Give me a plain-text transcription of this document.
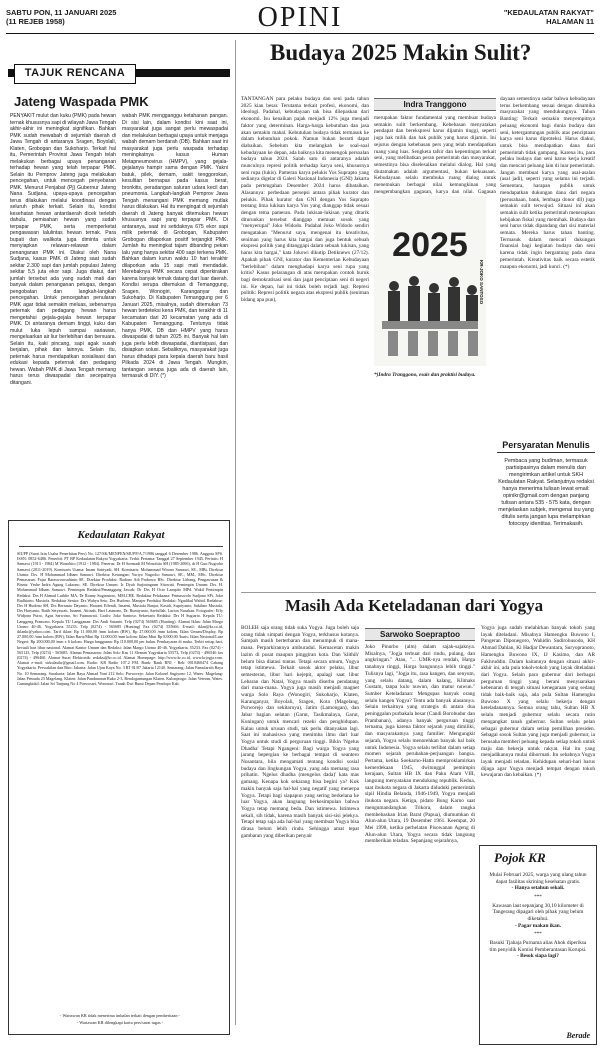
SABTU PON, 11 JANUARI 2025
(11 REJEB 1958)	OPINI	"KEDAULATAN RAKYAT"
HALAMAN 11
TAJUK RENCANA
Jateng Waspada PMK
PENYAKIT mulut dan kuku (PMK) pada hewan ternak khususnya sapi di wilayah Jawa Tengah akhir-akhir ini meningkat signifikan. Bahkan PMK sudah mewabah di sejumlah daerah di Jawa Tengah di antaranya Sragen, Boyolali, Klaten, Grobogan dan Sukoharjo. Terkait hal itu, Pemerintah Provinsi Jawa Tengah telah melakukan berbagai upaya penanganan terhadap hewan yang telah terpapar PMK. Selain itu Pemprov Jateng juga melakukan pencegahan, untuk mencegah penyebaran PMK. Menurut Penjabat (Pj) Gubernur Jateng Nana Sudjana, upaya-upaya pencegahan terus dilakukan melalui koordinasi dengan seluruh pihak terkait. Selain itu, kondisi kesehatan hewan antardaerah dicek terlebih dahulu, pemisahan hewan yang sudah terpapar PMK, serta memperketat pengawasan lalulintas hewan ternak. Para bupati dan walikota juga diminta untuk menyiapkan relawan-relawan dalam penanganan PMK ini. Diakui oleh Nana Sudjana, kasus PMK di Jateng saat sudah sekitar 2.300 sapi dan jumlah populasi Jateng sekitar 5,5 juta ekor sapi. Juga diakui, dari jumlah tersebut ada yang sudah mati dan banyak dalam penanganan petugas, dengan pengobatan dan langkah-langkah pencegahan. Untuk pencegahan penularan PMK agar tidak semakin meluas, sebenarnya peternak dan pedagang hewan harus mengetahui gejala-gejala hewan terpapar PMK. Di antaranya demam tinggi, kuku dan mulut luka lepuh sampai sariawan, mengeluarkan air liur berlebihan dan bersuara. Selain itu, kaki pincang, sapi agak susah berjalan, pihak dan lainnya. Selain itu, peternak harus mendapatkan sosialisasi dan edukasi kepada peternak dan pedagang hewan. Wabah PMK di Jawa Tengah memang harus terus diwaspadai dan secepatnya ditangani.
wabah PMK mengganggu ketahanan pangan. Di sisi lain, dalam kondisi kini saat ini, masyarakat juga sangat perlu mewaspadai dan melakukan berbagai upaya untuk menjaga wabah demam berdarah (DB). Bahkan saat ini masyarakat juga perlu waspada terhadap meningkatnya kasus Human Metapneumovirus (HMPV), yang gejala-gejalanya hampir sama dengan PMK. Yakni batuk, pilek, demam, sakit tenggorokan, kesulitan bernapas pada kasus berat, bronkitis, peradangan saluran udara kecil dan pneumonia. Langkah-langkah Pemprov Jawa Tengah menangani PMK memang mutlak harus dilakukan. Hal itu mengingat di sejumlah daerah di Jateng banyak ditemukan hewan khususnya sapi yang terpapar PMK. Di antaranya, saat ini setidaknya 675 ekor sapi milik peternak di Grobogan, Kabupaten Grobogan dilaporkan positif terjangkit PMK. Jumlah itu meningkat tajam dibanding pekan lalu yang hanya sekitar 400 sapi terkena PMK. Bahkan dalam kurun waktu 10 hari terakhir dilaporkan ada 15 sapi mati mendadak. Merebaknya PMK secara cepat diperkirakan karena banyak ternak datang dari luar daerah. Kondisi serupa ditemukan di Temanggung, Sragen, Wonogiri, Karanganyar dan Sukoharjo. Di Kabupaten Temanggung per 6 Januari 2025, misalnya, sudah ditemukan 73 hewan terdeteksi kena PMK, dan terakhir di 11 kecamatan dari 20 kecamatan yang ada di Kabupaten Temanggung. Tentunya tidak hanya PMK, DB dan HMPV yang harus diwaspadai di tahun 2025 ini. Banyak hal lain juga perlu lebih diwaspadai, diantisipasi, dan disiapkan solusi. Sebaliknya, masyarakat juga harus dihadapi para kepala daerah baru hasil Pilkada 2024 di Jawa Tengah. Mungkin, tantangan serupa juga ada di daerah lain, termasuk di DIY. (*)
Kedaulatan Rakyat
SIUPP (Surat Izin Usaha Penerbitan Pers) No. 127/SK/MENPEN/SIUPP/A.7/1986 tanggal 6 Desember 1986. Anggota SPS. ISSN: 0852-6486. Penerbit: PT BP Kedaulatan Rakyat Yogyakarta. Terbit Pertama: Tanggal 27 September 1945. Perintis: H Samawi (1913 - 1984) M Wonohito (1912 - 1984). Penerus: Dr H Soemadi M Wonohito SH (1985-2006), dr H Gun Nugroho Samawi (2011-2019). Komisaris Utama: Imam Satriyadi, SH. Komisaris: Mohammad Wirono Samawi, SE., MBt. Direktur Utama: Drs. H Mohammad Idham Samawi. Direktur Keuangan: Yuriyo Nugroho Samawi, SE., MM., MSc. Direktur Pemasaran: Fajar Rarasworosuhinin SE. Direktur Produksi: Radono Adi Prabowo BSc. Direktur Litbang, Pengawasan & Bisnis: Yeshe Indra Agung Laksono, SE. Direktur Umum: Ir. Dyah Sarjiningrum Sitowati. Pemimpin Umum: Drs. H. Mohammad Idham Samawi. Pemimpin Redaksi/Penanggung Jawab: Dr Drs H Octo Lampito MPd. Wakil Pemimpin Redaksi: Drs H Ahmad Luthfie MA, Dr Ronny Sugiantoro, MM.CHE. Redaktur Pelaksana: Primaswolo Sudjono SPt, Joko Budhiarto, Mustofa. Redaktur Senior: Drs Wahyu Seto, Drs Hudono. Manajer Produksi Redaksi: Ngadikul Wahid. Redaktur: Drs H Hudono SH, Drs Bernasto Dayanto, Hawani Effendi, Isnaeni, Mustafa Banjar, Kasidi, Supriyanto, Sukihno Mustafa, Drs Haryanto, Ratih Setyawati, Isnaeni, Aitinah, Hari Lasmono, Dr. Rumiyanto, Saefullah, Lurion Nusakan. Fotografer: Effy Widjono Putro, Agus Sarwono, Sri Fatmawati. Grafis: Joko Santoso. Sekretaris Redaksi: Drs H Sugiarto. Kepala TU: Langgeng Pramono. Kepala TU Langganan: Drs Andi Sutanto. Telp (0274) 565685 (Hunting). Alamat Iklan: Jalan Margo Utomo 40-46, Yogyakarta 55233. Telp (0274) - 565685 (Hunting) Fax (0274) 555666. E-mail: iklan@kr.co.id, iklankr@yahoo.com. Tarif iklan: Rp 11.000,00 /mm kolom (BW), Rp 27.000,00 /mm kolom, Iklan Umum/Display, Rp 27.000,00 /mm kolom (BW); Iklan Baris/Mini Rp 12.000,00 /mm kolom; Iklan Mini Rp 8.000,00 /baris; Iklan Nasional/Luar Negeri: Rp 200.000,00 /mm x 6 kolom. Harga langganan: Rp 110.000,00 per bulan. Pembayaran di muka. Terbit setiap hari, kecuali hari libur nasional. Alamat Kantor Umum dan Redaksi: Jalan Margo Utomo 40-46, Yogyakarta, 55233. Fax (0274) - 565125, Telp (0274) - 565685. Alamat Pemasaran: Jalan Solo Km 11 Sleman Yogyakarta 55573, Telp (0274) - 496546 fax (0274) - 496460. Alamat Surat Elektronik: redaksi@kr.co.id. Alamat Homepage: http://www.kr.co.id, www.krjogja.com. Alamat e-mail: sirkulasikr@gmail.com. Radio: KR Radio 107.2 FM. Bank: Bank BNI - Rek: 0010460474 Cabang Yogyakarta. Perwakilan dan Biro: Jakarta: Jalan Ujan Kaya No. 3 RT 01/07 Jakarta 12140. Semarang: Jalan Pamularsih Raya No. 10 Semarang. Surakarta: Jalan Raya Ahmad Yani 212 Solo. Purworejo: Jalan Kolonel Sugiyono 12, Wates. Magelang: Jalan Pemuda 23 Magelang. Klaten: Jalan Pandanaran Ruko 2-3, Bendogantungan Klaten. Kulonprogo: Jalan Veteran, Wates. Gunungkidul: Jalan Sri Tanjung No 4 Purwosari, Wonosari. Tanah Dwi Bumi Depan Pendopo Kab.
- Wartawan KR tidak menerima imbalan terkait dengan pemberitaan -
- Wartawan KR dilengkapi kartu pers/surat tugas -
Budaya 2025 Makin Sulit?
TANTANGAN para pelaku budaya dan seni pada tahun 2025 kian besar. Terutama terkait profesi, ekonomi, dan ideologi. Padahal, kebudayaan tak bisa dilepaskan dari ekonomi. Isu kenaikan pajak menjadi 12% juga menjadi faktor yang determinan. Harga-harga kebutuhan dan jasa akan semakin mahal. Kebutuhan budaya tidak termasuk ke dalam kebutuhan pokok. Namun bukan berarti dapat diabaikan. Sebelum kita melangkah ke soal-soal kebudayaan ke depan, ada baiknya kita menengok persoalan budaya tahun 2024. Salah satu di antaranya adalah munculnya represi politik terhadap karya seni, khususnya seni rupa (lukis). Pameran karya pelukis Yos Suprapto yang sedianya digelar di Galeri Nasional Indonesia (GNI) Jakarta pada pertengahan Desember 2024 harus dibatalkan. Alasannya: perbedaan persepsi antara pihak kurator dan pelukis. Pihak kurator dan GNI dengan Yos Suprapto tentang lima lukisan karya Yos yang dianggap tidak sesuai dengan tema pameran. Pada lukisan-lukisan yang ditarik diturunkan tersebut dianggap memuat sosok yang "menyerupai" Joko Widodo. Padahal Joko Widodo sendiri mengatakan "Menurut saya, mengenai itu kreativitas, seniman yang harus kita hargai dan juga bentuk sebuah ekspresi politik yang ditanggapi dalam sebuah lukisan, yang harus kita hargai," kata Jokowi dikutip Detiknews (27/12). Apakah pihak GNI, kurator dan Kementerian Kebudayaan "berlebihan" dalam menghadapi karya seni rupa yang kritis? Kasus pelarangan di atas merupakan contoh buruk bagi demokratisasi seni dan jagat penciptaan seni di negeri ini. Ke depan, hal ini tidak boleh terjadi lagi. Represi politik: Represi politik negara atas ekspresi publik (seniman bidang apa pun),
Indra Tranggono
merupakan faktor fundamental yang membuat budaya semakin sulit berkembang. Kebebasan menyatakan pendapat dan berekspresi harus dijamin tinggi, seperti juga hak milik dan hak publik yang harus dijamin. Ini sejurus dengan kebebasan pers yang telah mendapatkan ruang yang luas. Sengketa tafsir dan kepentingan terkait seni, yang melibatkan peran pemerintah dan masyarakat, semestinya bisa diselesaikan melalui dialog. Hal yang diutamakan adalah argumentasi, bukan kekuasaan. Kebudayaan selalu membuka ruang dialog untuk menemukan berbagai nilai kemungkinan yang mengembangkan gagasan, karya dan nilai. Gagasan
2025
KR-JOKO SANTOSO
dayaan semestinya sadar bahwa kebudayaan terus berkembang sesuai dengan dinamika masyarakat yang mendukungnya. Tahun Banting: Terkait semakin menyempitnya peluang ekonomi bagi dunia budaya dan seni, ketergantungan publik atas penciptaan karya seni harus diproteksi. Harus diakui, untuk bisa mendapatkan dana dari pemerintah tidak gampang. Karena itu, para pelaku budaya dan seni harus kerja kreatif dan mencari peluang lain di luar pemerintah. Jangan membuat karya yang asal-asalan (asal jadi), seperti yang selama ini terjadi. Sementara, harapan publik untuk mendapatkan dukungan dana dari negara (perusahaan, bank, lembaga donor dll) juga semakin sulit terwujud. Situasi ini akan semakin sulit ketika pemerintah menerapkan kebijakan fiskal yang memihak. Budaya dan seni harus tidak dipandang dari sisi material semata. Mereka harus tahan banting. Termasuk dalam mencari dukungan finansial bagi kegiatan budaya dan seni karena tidak ingin bergantung pada dana pemerintah. Kreativitas baik secara estetik maupun ekonomi, jadi kunci. (*)
*)Indra Tranggono, esais dan praktisi budaya.
Persyaratan Menulis
Pembaca yang budiman, termasuk partisipasinya dalam menulis dan mengirimkan artikel untuk SKH Kedaulatan Rakyat. Selanjutnya redaksi hanya menerima tulisan lewat email: opinikr@gmail.com dengan panjang tulisan antara 535 - 575 kata, dengan menjelaskan subjek, mengenai isu yang ditulis serta jangan lupa melampirkan fotocopy identitas. Terimakasih.
Masih Ada Keteladanan dari Yogya
BOLEH saja orang tidak suka Yogya. Juga boleh saja orang tidak simpati dengan Yogya, terkhusus kotanya. Sampah masih berterbaran dan menumpuk di mana-mana. Perparkirannya amburadul. Kemacetan makin lazim di pusat maupun pinggiran kota. Dan 'klithih' belum bisa diatasi tuntas. Tetapi secara umum, Yogya tetap istimewa. Terkait sosok aktor pelaku, libur semesteran, libur hari kejepit, apalagi saat libur Lebaran dan Natal, Yogya masih diserbu pendatang dari mana-mana. Yogya juga masih menjadi magnet warga Solo Raya (Wonogiri, Sukoharjo, Klaten, Karanganyar, Boyolali, Sragen, Kota (Magelang, Purworejo dan sekitarnya), Jatim (Lamongan), dan Jabar bagian selatan (Garut, Tasikmalaya, Garut, Kuningan) untuk mencari rezeki dan penghidupan. Kalau untuk urusan studi, tak perlu ditanyakan lagi. Saat ini mahasiswa yang menimba ilmu dari luar Yogya untuk studi di perguruan tinggi. Bikin 'Ngelus Dhadha' Tetapi Ngangeni: Bagi warga Yogya yang jarang bepergian ke berbagai tempat di seantero Nusantara, bila mengamati tentang kondisi sosial budaya dan lingkungan Yogya, yang ada memang rasa prihatin. 'Ngelus dhadha (mengelus dada)' kata mas gamang. Kenapa kok sekarang bisa begini ya? Kok makin banyak saja hal-hal yang negatif yang menerpa Yogya. Tetapi bagi siapapun yang sering berkelana ke luar Yogya, akan langsung berkesimpulan bahwa Yogya tetap memang beda. Dan istimewa. Istimewa sekali, sih tidak, karena masih banyak sisi-sisi jelekya. Tetapi tetap saja ada hal-hal yang membuat Yogya bisa dirasa belum lebih rindu. Sehingga amat tepat gambaran yang diberikan penyair
Sarwoko Soepraptoo
Joko Pinurbo (alm) dalam sajak-sajaknya. Misalnya, "Jogja terbuat dari rindu, pulang, dan angkringan." Atau, "... UMR-nya rendah, Harga tanahnya tinggi, Harga bangunnya lebih tinggi." Tulisnya lagi, "Jogja itu, rasa kangen, dan senyum, yang selalu datang, dalam kalang, Klimaks Gustam, tanpa kulo nuwun, dan matur nuwun." Sumber Keteladanan: Mengupas banyak orang selalu kangen Yogya? Tentu ada banyak alasannya. Selain terkaitnya yang strategis di antara dua peninggalan purbakala besar (Candi Borobudur dan Prambanan), adanya banyak perguruan tinggi ternama, juga karena faktor sejarah yang dimiliki, dan masyarakatnya yang familier. Mengungkit sejarah, Yogya selalu menorehkan banyak hal baik untuk Indonesia. Yogya selalu terlibat dalam setiap momen sejarah perubahan-perjuangan bangsa. Pertama, ketika Soekarno-Hatta memproklamirkan kemerdekaan 1945, dwitunggal pemimpin kerajaan, Sultan HB IX dan Paku Alam VIII, langsung menyatakan mendukung republik. Kedua, saat ibukota negara di Jakarta diduduki pemerintah sipil Hindia Belanda, 1946-1949, Yogya menjadi ibukota negara. Ketiga, pidato Bung Karno saat mengumandangkan Trikora, dalam rangka membebaskan Irian Barat (Papua), diumumkan di Alun-alun Utara, 19 Desember 1961. Keempat, 20 Mei 1998, ketika perhelatan Pisowanan Ageng di Alun-alun Utara, Yogya secara tidak langsung memberikan teladan. Sepanjang sejarahnya,
Yogya juga sudah melahirkan banyak tokoh yang layak diteladani. Misalnya Hamengku Buwono I, Pangeran Diponegoro, Wahidin Sudirohusodo, KH Ahmad Dahlan, Ki Hadjar Dewantara, Suryopranoto, Hamengku Buwono IX, IJ Kasimo, dan AR Fakhruddin. Dalam kaitannya dengan situasi akhir-akhir ini, ada pula tokoh-tokoh yang layak diteladani dari Yogya. Selain para gubernur dari berbagai perguruan tinggi yang berani menyuarakan kebenaran di tengah situasi kenegaraan yang sedang tidak baik-baik saja, ada pula Sultan Hamengku Buwono X yang selalu bekerja dengan keteladanannya. Semua orang tahu, Sultan HB X selalu menjadi gubernur selalu secara rutin mengangkat tanah gubernur. Sultan selalu pelan sebagai gubernur dalam setiap pemilihan presiden. Sebagai sosok Sultan yang juga menjadi gubernur, ia berusaha memberi peluang kepada setiap tokoh untuk maju dan bekerja untuk rakyat. Hal itu yang menjadikannya mulai dihormati. Itu sebabnya Yogya layak menjadi teladan. Kehidupan sehari-hari harus dijaga agar Yogya menjadi tempat dengan tokoh kewajaran dan kebaikan. (*)
Pojok KR
Mulai Februari 2025, warga yang ulang tahun dapat fasilitas skrining kesehatan gratis.
- Hanya setahun sekali.
***
Kawasan laut sepanjang 30,10 kilometer di Tangerang dipagari oleh pihak yang belum diketahui.
- Pagar makan ikan.
***
Basuki Tjahaja Purnama alias Ahok diperiksa tim penyidik Komisi Pemberantasan Korupsi.
- Besok siapa lagi?
Berade
